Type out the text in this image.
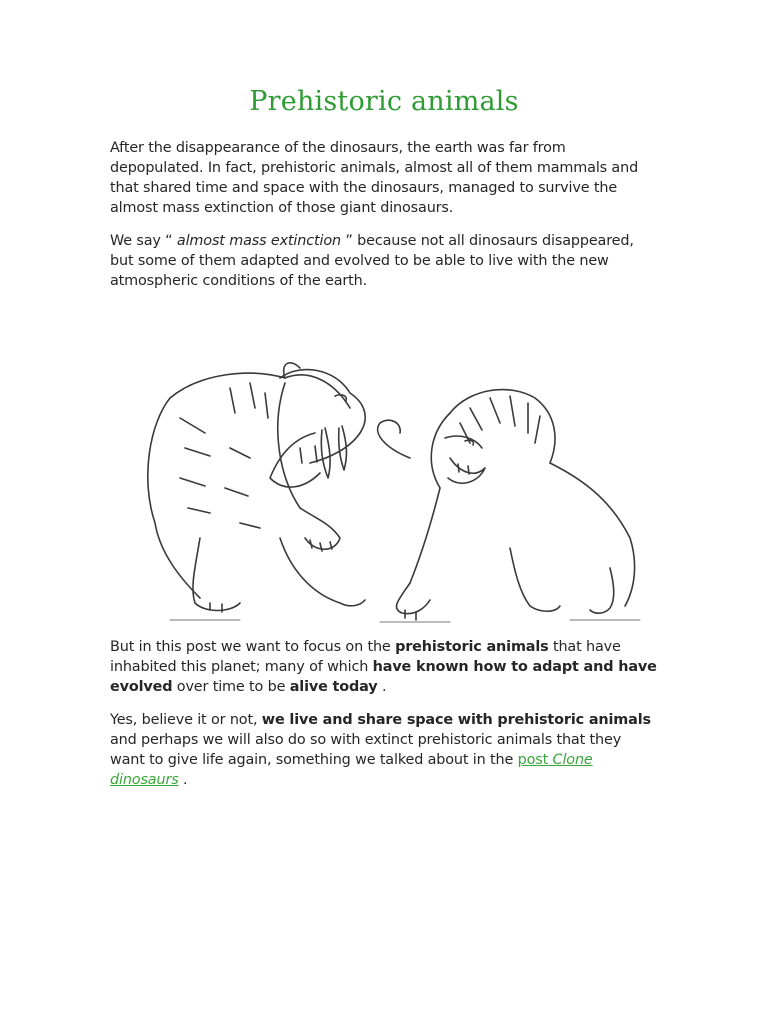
Prehistoric animals

After the disappearance of the dinosaurs, the earth was far from depopulated. In fact, prehistoric animals, almost all of them mammals and that shared time and space with the dinosaurs, managed to survive the almost mass extinction of those giant dinosaurs.

We say “ almost mass extinction ” because not all dinosaurs disappeared, but some of them adapted and evolved to be able to live with the new atmospheric conditions of the earth.

But in this post we want to focus on the prehistoric animals that have inhabited this planet; many of which have known how to adapt and have evolved over time to be alive today .

Yes, believe it or not, we live and share space with prehistoric animals and perhaps we will also do so with extinct prehistoric animals that they want to give life again, something we talked about in the post Clone dinosaurs .
